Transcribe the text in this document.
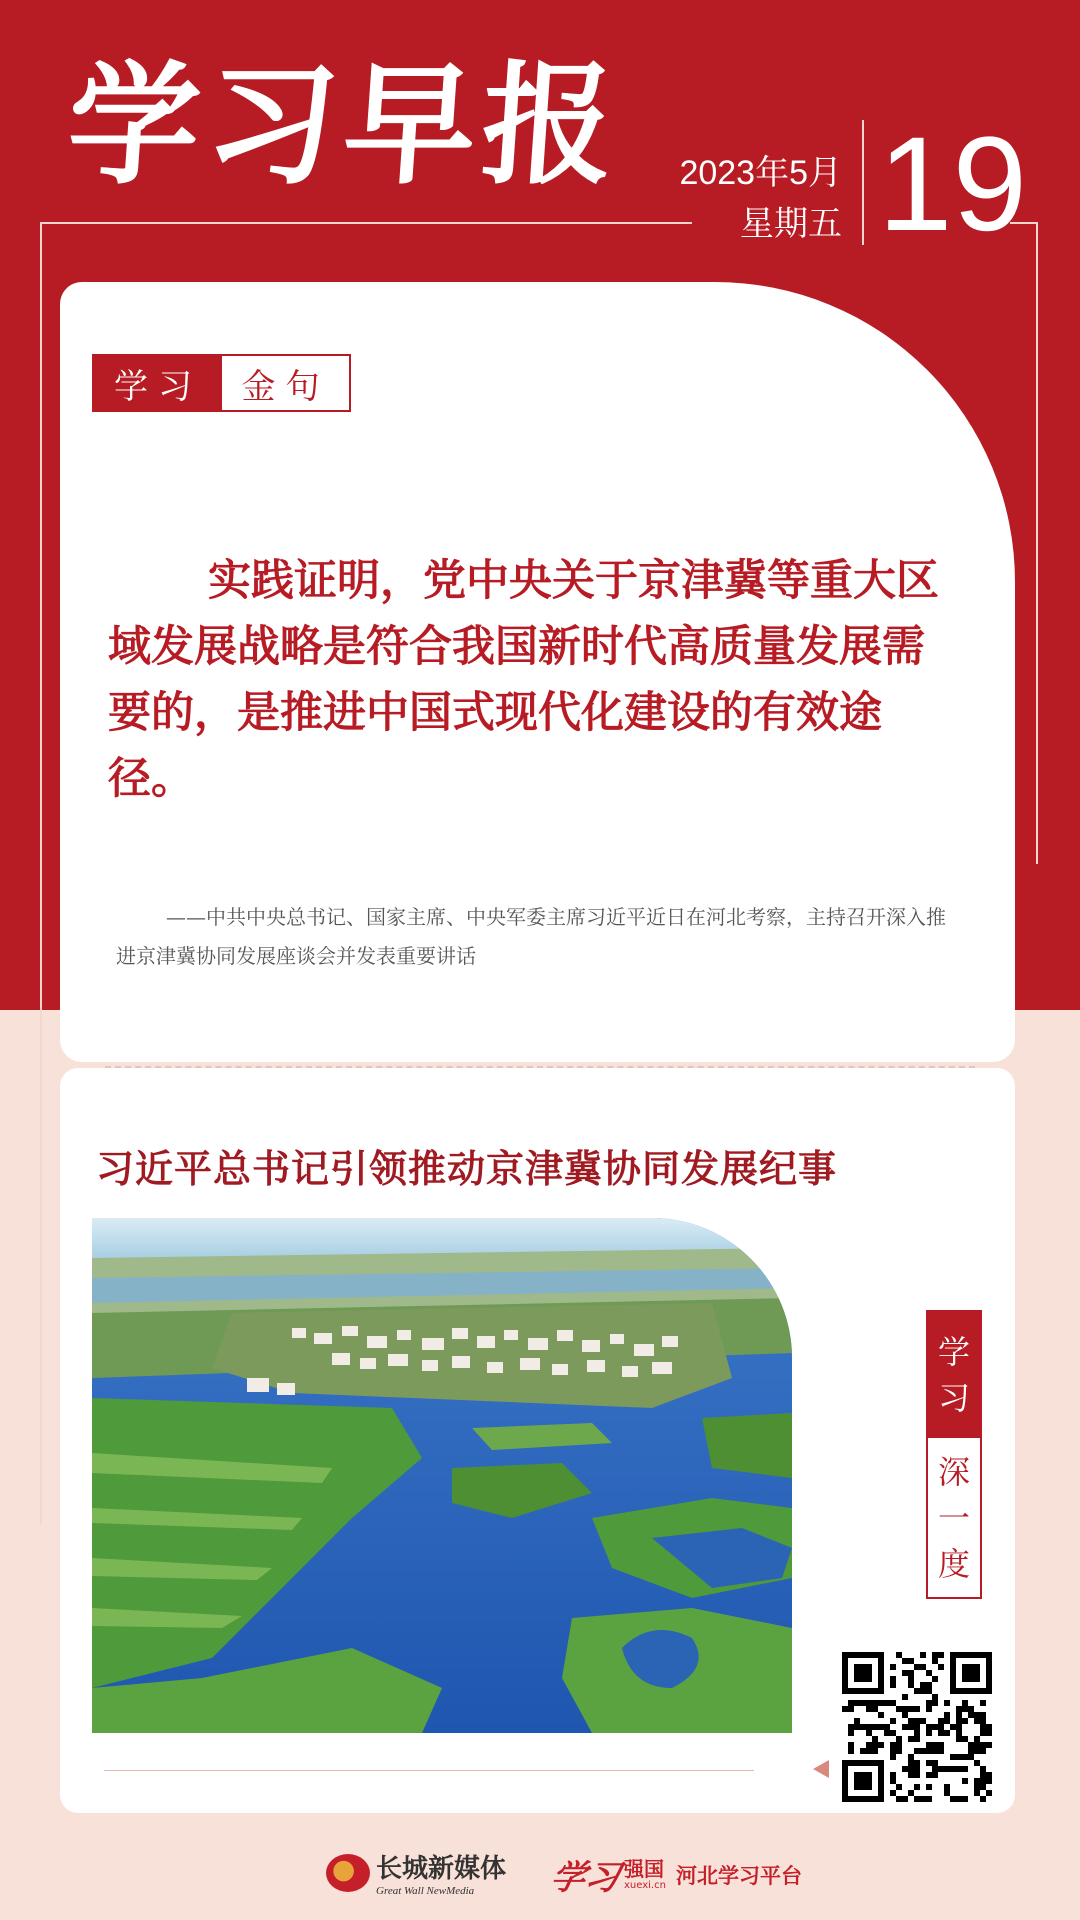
学习早报 2023年5月
星期五 19
学习	金句

实践证明，党中央关于京津冀等重大区域发展战略是符合我国新时代高质量发展需要的，是推进中国式现代化建设的有效途径。

——中共中央总书记、国家主席、中央军委主席习近平近日在河北考察，主持召开深入推进京津冀协同发展座谈会并发表重要讲话

习近平总书记引领推动京津冀协同发展纪事
学
习
深
一
度
长城新媒体
Great Wall NewMedia	学习 强国
xuexi.cn 河北学习平台
